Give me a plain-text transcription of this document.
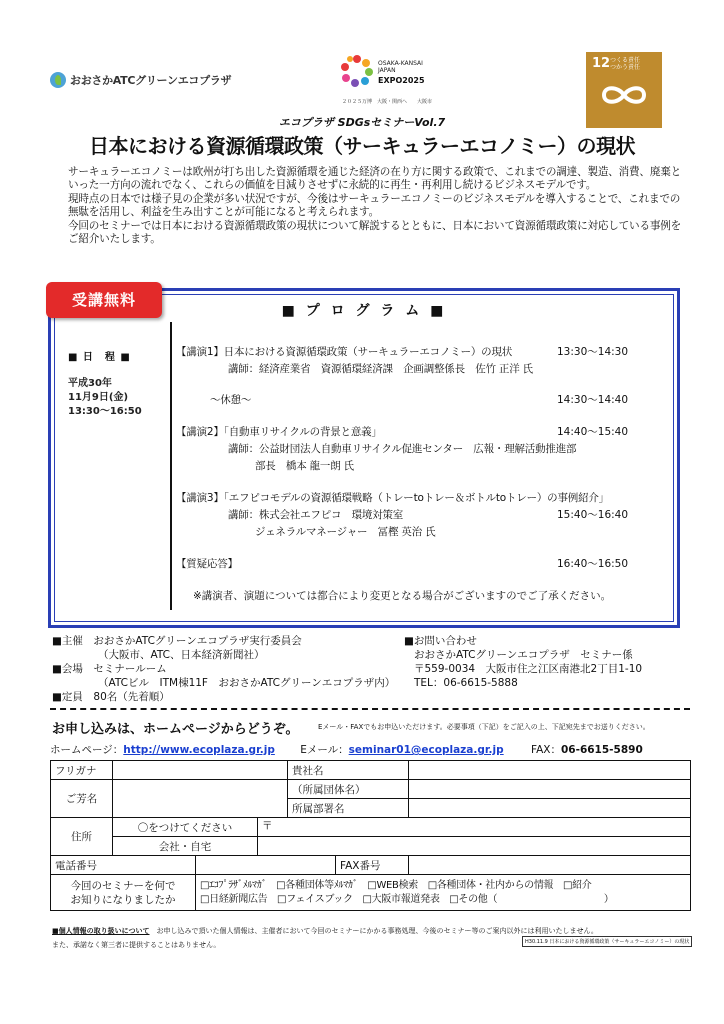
おおさかATCグリーンエコプラザ
OSAKA-KANSAI
JAPAN
EXPO2025
２０２５万博　大阪・関西へ　　大阪市
12 つくる責任
つかう責任
エコプラザ SDGsセミナーVol.7
日本における資源循環政策（サーキュラーエコノミー）の現状

サーキュラーエコノミーは欧州が打ち出した資源循環を通じた経済の在り方に関する政策で、これまでの調達、製造、消費、廃棄といった一方向の流れでなく、これらの価値を目減りさせずに永続的に再生・再利用し続けるビジネスモデルです。

現時点の日本では様子見の企業が多い状況ですが、今後はサーキュラーエコノミーのビジネスモデルを導入することで、これまでの無駄を活用し、利益を生み出すことが可能になると考えられます。

今回のセミナーでは日本における資源循環政策の現状について解説するとともに、日本において資源循環政策に対応している事例をご紹介いたします。

受講無料
■ プ ロ グ ラ ム ■
■ 日　程 ■
平成30年
11月9日(金)
13:30～16:50
【講演1】日本における資源循環政策（サーキュラーエコノミー）の現状	13:30～14:30
講師：経済産業省　資源循環経済課　企画調整係長　佐竹 正洋 氏
～休憩～	14:30～14:40
【講演2】「自動車リサイクルの背景と意義」	14:40～15:40
講師：公益財団法人自動車リサイクル促進センター　広報・理解活動推進部
部長　橋本 龍一朗 氏
【講演3】「エフピコモデルの資源循環戦略（トレーtoトレー＆ボトルtoトレー）の事例紹介」
講師：株式会社エフピコ　環境対策室	15:40～16:40
ジェネラルマネージャー　冨樫 英治 氏
【質疑応答】	16:40～16:50
※講演者、演題については都合により変更となる場合がございますのでご了承ください。
■主催　 おおさかATCグリーンエコプラザ実行委員会
（大阪市、ATC、日本経済新聞社）
■会場　 セミナールーム
（ATCビル　ITM棟11F　おおさかATCグリーンエコプラザ内）
■定員　 80名（先着順）
■お問い合わせ
おおさかATCグリーンエコプラザ　セミナー係
〒559-0034　大阪市住之江区南港北2丁目1-10
TEL：06-6615-5888
お申し込みは、ホームページからどうぞ。	Eメール・FAXでもお申込いただけます。必要事項（下記）をご記入の上、下記宛先までお送りください。
ホームページ：http://www.ecoplaza.gr.jp Eメール：seminar01@ecoplaza.gr.jp	FAX：06-6615-5890
フリガナ				貴社名		
ご芳名				（所属団体名）		
				所属部署名		
住所	〇をつけてください		〒			
	会社・自宅					
電話番号					FAX番号	
今回のセミナーを何で
お知りになりましたか		□ｴｺﾌﾟﾗｻﾞﾒﾙﾏｶﾞ　□各種団体等ﾒﾙﾏｶﾞ　□WEB検索　□各種団体・社内からの情報　□紹介
□日経新聞広告　□フェイスブック　□大阪市報道発表　□その他（　　　　　　　　　　　）				
■個人情報の取り扱いについて　 お申し込みで頂いた個人情報は、主催者において今回のセミナーにかかる事務処理、今後のセミナー等のご案内以外には利用いたしません。
また、承諾なく第三者に提供することはありません。	H30.11.9 日本における資源循環政策（サーキュラーエコノミー）の現状
